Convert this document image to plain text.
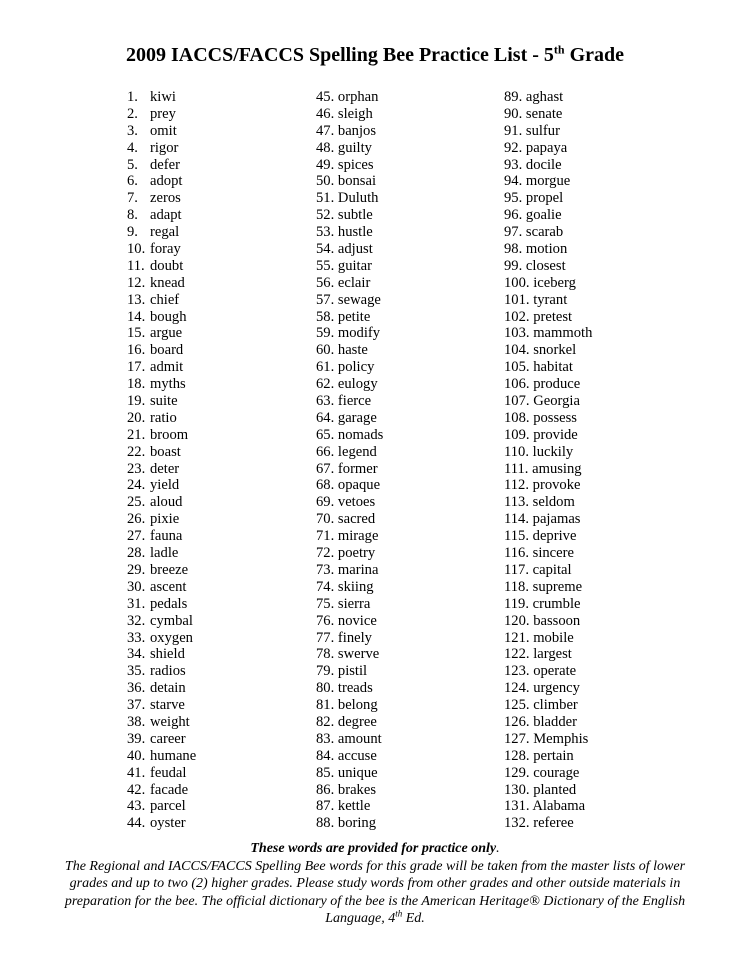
2009 IACCS/FACCS Spelling Bee Practice List - 5th Grade
1. kiwi
2. prey
3. omit
4. rigor
5. defer
6. adopt
7. zeros
8. adapt
9. regal
10. foray
11. doubt
12. knead
13. chief
14. bough
15. argue
16. board
17. admit
18. myths
19. suite
20. ratio
21. broom
22. boast
23. deter
24. yield
25. aloud
26. pixie
27. fauna
28. ladle
29. breeze
30. ascent
31. pedals
32. cymbal
33. oxygen
34. shield
35. radios
36. detain
37. starve
38. weight
39. career
40. humane
41. feudal
42. facade
43. parcel
44. oyster
45. orphan
46. sleigh
47. banjos
48. guilty
49. spices
50. bonsai
51. Duluth
52. subtle
53. hustle
54. adjust
55. guitar
56. eclair
57. sewage
58. petite
59. modify
60. haste
61. policy
62. eulogy
63. fierce
64. garage
65. nomads
66. legend
67. former
68. opaque
69. vetoes
70. sacred
71. mirage
72. poetry
73. marina
74. skiing
75. sierra
76. novice
77. finely
78. swerve
79. pistil
80. treads
81. belong
82. degree
83. amount
84. accuse
85. unique
86. brakes
87. kettle
88. boring
89. aghast
90. senate
91. sulfur
92. papaya
93. docile
94. morgue
95. propel
96. goalie
97. scarab
98. motion
99. closest
100. iceberg
101. tyrant
102. pretest
103. mammoth
104. snorkel
105. habitat
106. produce
107. Georgia
108. possess
109. provide
110. luckily
111. amusing
112. provoke
113. seldom
114. pajamas
115. deprive
116. sincere
117. capital
118. supreme
119. crumble
120. bassoon
121. mobile
122. largest
123. operate
124. urgency
125. climber
126. bladder
127. Memphis
128. pertain
129. courage
130. planted
131. Alabama
132. referee
These words are provided for practice only.
The Regional and IACCS/FACCS Spelling Bee words for this grade will be taken from the master lists of lower grades and up to two (2) higher grades. Please study words from other grades and other outside materials in preparation for the bee. The official dictionary of the bee is the American Heritage® Dictionary of the English Language, 4th Ed.
